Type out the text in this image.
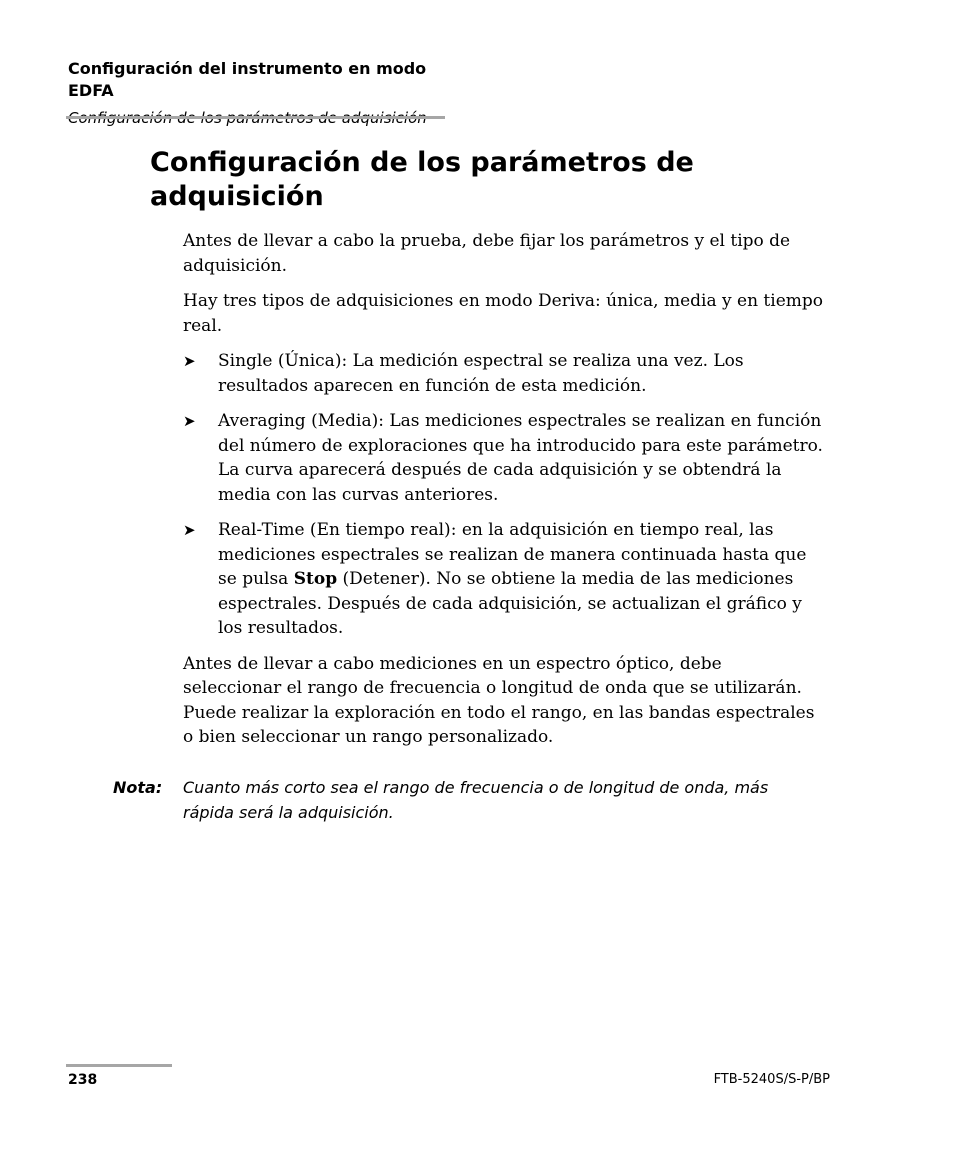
Configuración del instrumento en modo EDFA

Configuración de los parámetros de adquisición

Antes de llevar a cabo la prueba, debe fijar los parámetros y el tipo de adquisición.

Hay tres tipos de adquisiciones en modo Deriva: única, media y en tiempo real.

➤ Single (Única): La medición espectral se realiza una vez. Los resultados aparecen en función de esta medición.
➤ Averaging (Media): Las mediciones espectrales se realizan en función del número de exploraciones que ha introducido para este parámetro. La curva aparecerá después de cada adquisición y se obtendrá la media con las curvas anteriores.
➤ Real-Time (En tiempo real): en la adquisición en tiempo real, las mediciones espectrales se realizan de manera continuada hasta que se pulsa Stop (Detener). No se obtiene la media de las mediciones espectrales. Después de cada adquisición, se actualizan el gráfico y los resultados.

Antes de llevar a cabo mediciones en un espectro óptico, debe seleccionar el rango de frecuencia o longitud de onda que se utilizarán. Puede realizar la exploración en todo el rango, en las bandas espectrales o bien seleccionar un rango personalizado.

Nota: Cuanto más corto sea el rango de frecuencia o de longitud de onda, más rápida será la adquisición.
238	FTB-5240S/S-P/BP
